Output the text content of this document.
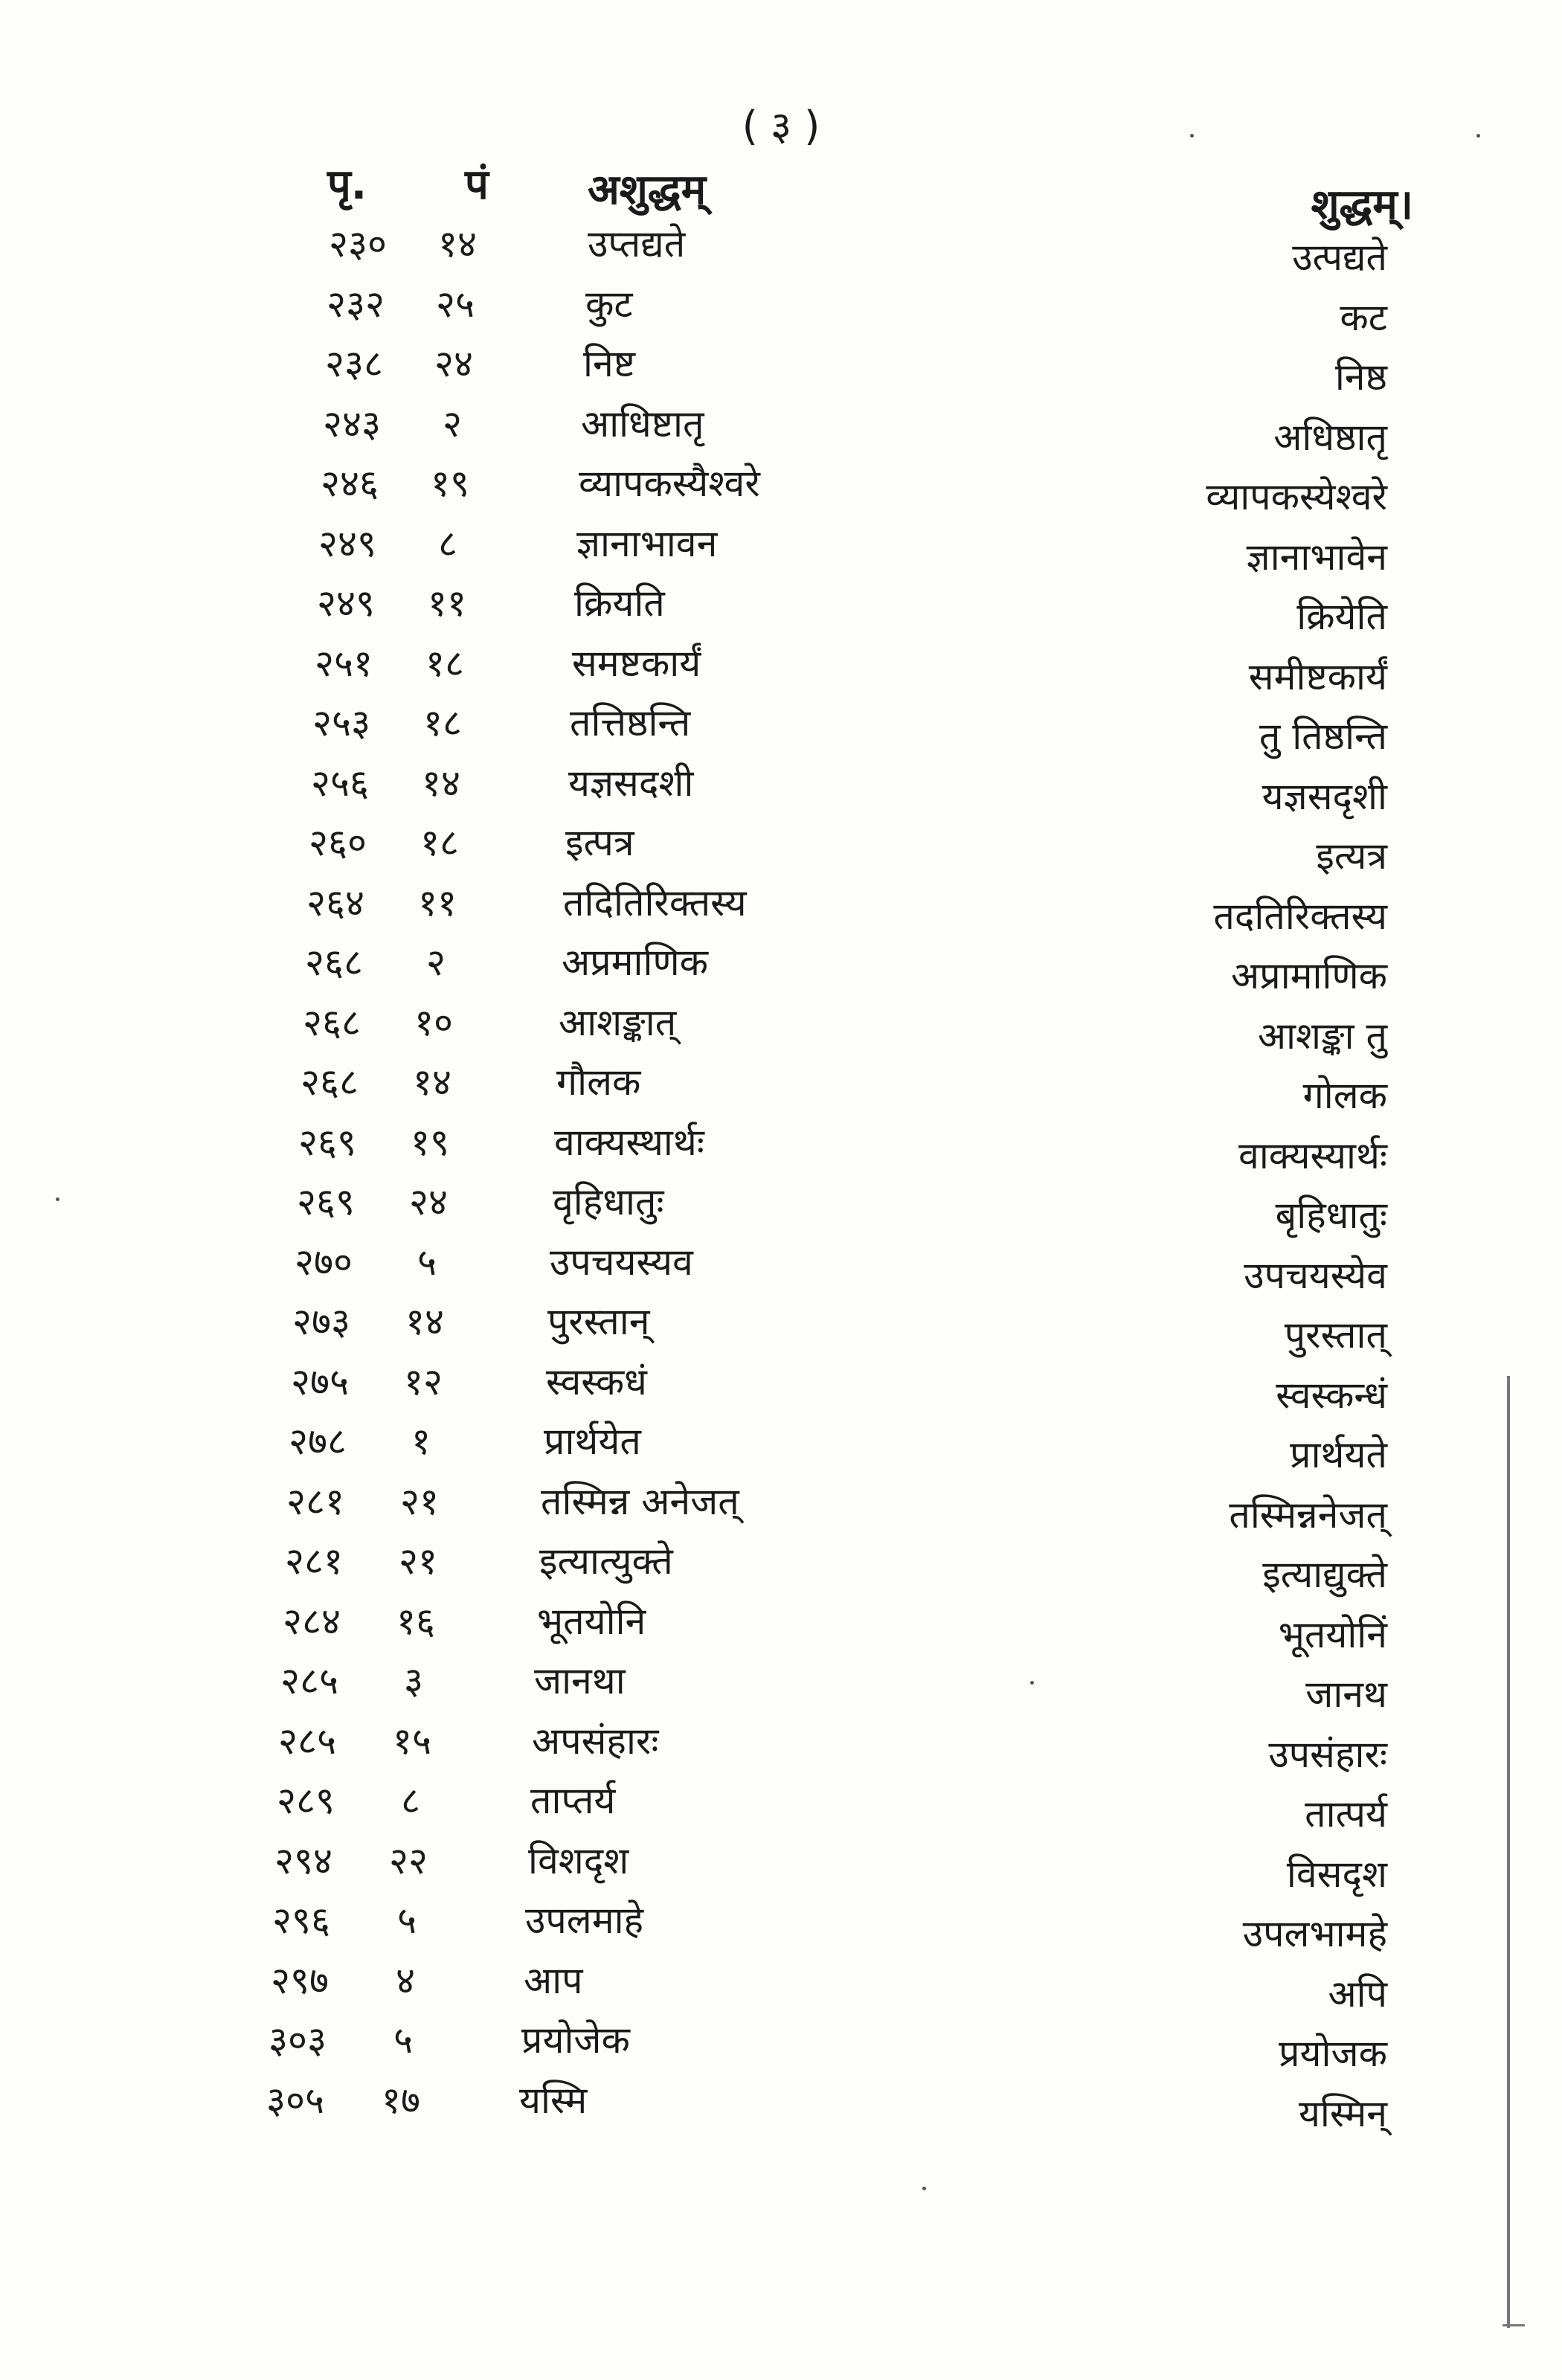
( ३ )
पृ. पं अशुद्धम्	शुद्धम्।
२३०	१४	उप्तद्यते	उत्पद्यते
२३२	२५	कुट	कट
२३८	२४	निष्ट	निष्ठ
२४३	२	आधिष्टातृ	अधिष्ठातृ
२४६	१९	व्यापकस्यैश्वरे	व्यापकस्येश्वरे
२४९	८	ज्ञानाभावन	ज्ञानाभावेन
२४९	११	क्रियति	क्रियेति
२५१	१८	समष्टकार्यं	समीष्टकार्यं
२५३	१८	तत्तिष्ठन्ति	तु तिष्ठन्ति
२५६	१४	यज्ञसदशी	यज्ञसदृशी
२६०	१८	इत्पत्र	इत्यत्र
२६४	११	तदितिरिक्तस्य	तदतिरिक्तस्य
२६८	२	अप्रमाणिक	अप्रामाणिक
२६८	१०	आशङ्कात्	आशङ्का तु
२६८	१४	गौलक	गोलक
२६९	१९	वाक्यस्थार्थः	वाक्यस्यार्थः
२६९	२४	वृहिधातुः	बृहिधातुः
२७०	५	उपचयस्यव	उपचयस्येव
२७३	१४	पुरस्तान्	पुरस्तात्
२७५	१२	स्वस्कधं	स्वस्कन्धं
२७८	१	प्रार्थयेत	प्रार्थयते
२८१	२१	तस्मिन्न अनेजत्	तस्मिन्ननेजत्
२८१	२१	इत्यात्युक्ते	इत्याद्युक्ते
२८४	१६	भूतयोनि	भूतयोनिं
२८५	३	जानथा	जानथ
२८५	१५	अपसंहारः	उपसंहारः
२८९	८	ताप्तर्य	तात्पर्य
२९४	२२	विशदृश	विसदृश
२९६	५	उपलमाहे	उपलभामहे
२९७	४	आप	अपि
३०३	५	प्रयोजेक	प्रयोजक
३०५	१७	यस्मि	यस्मिन्
